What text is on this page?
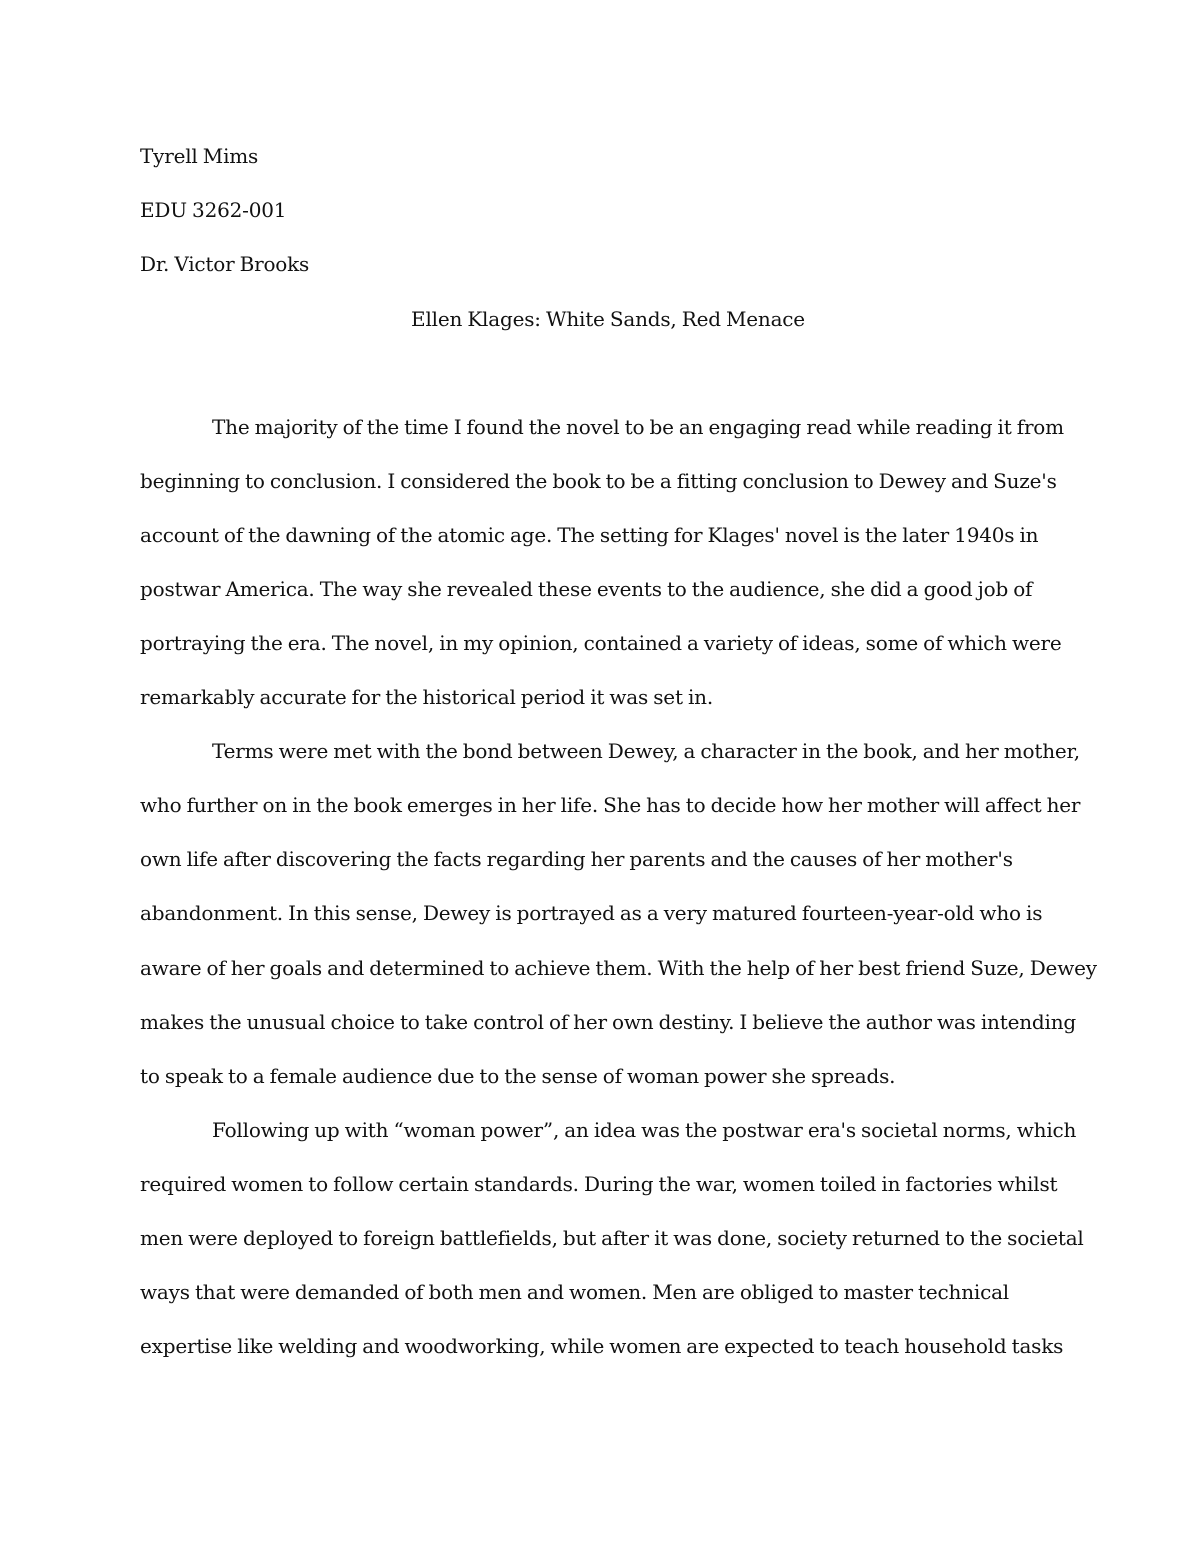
Tyrell Mims
EDU 3262-001
Dr. Victor Brooks
Ellen Klages: White Sands, Red Menace
The majority of the time I found the novel to be an engaging read while reading it from
beginning to conclusion. I considered the book to be a fitting conclusion to Dewey and Suze's
account of the dawning of the atomic age. The setting for Klages' novel is the later 1940s in
postwar America. The way she revealed these events to the audience, she did a good job of
portraying the era. The novel, in my opinion, contained a variety of ideas, some of which were
remarkably accurate for the historical period it was set in.
Terms were met with the bond between Dewey, a character in the book, and her mother,
who further on in the book emerges in her life. She has to decide how her mother will affect her
own life after discovering the facts regarding her parents and the causes of her mother's
abandonment. In this sense, Dewey is portrayed as a very matured fourteen-year-old who is
aware of her goals and determined to achieve them. With the help of her best friend Suze, Dewey
makes the unusual choice to take control of her own destiny. I believe the author was intending
to speak to a female audience due to the sense of woman power she spreads.
Following up with “woman power”, an idea was the postwar era's societal norms, which
required women to follow certain standards. During the war, women toiled in factories whilst
men were deployed to foreign battlefields, but after it was done, society returned to the societal
ways that were demanded of both men and women. Men are obliged to master technical
expertise like welding and woodworking, while women are expected to teach household tasks
